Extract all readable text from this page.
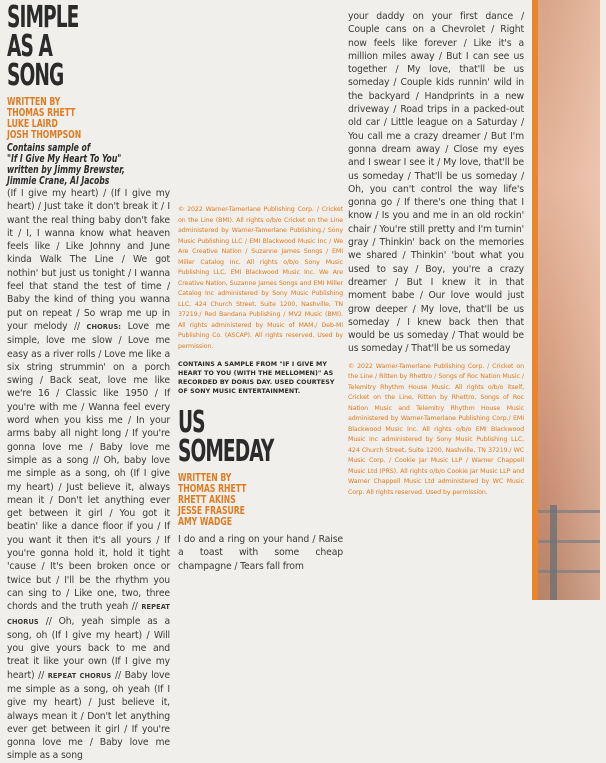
SIMPLE
AS A
SONG
WRITTEN BY
THOMAS RHETT
LUKE LAIRD
JOSH THOMPSON
Contains sample of
"If I Give My Heart To You"
written by Jimmy Brewster,
Jimmie Crane, Al Jacobs
(If I give my heart) / (If I give my heart) / Just take it don't break it / I want the real thing baby don't fake it / I, I wanna know what heaven feels like / Like Johnny and June kinda Walk The Line / We got nothin' but just us tonight / I wanna feel that stand the test of time / Baby the kind of thing you wanna put on repeat / So wrap me up in your melody // CHORUS: Love me simple, love me slow / Love me easy as a river rolls / Love me like a six string strummin' on a porch swing / Back seat, love me like we're 16 / Classic like 1950 / If you're with me / Wanna feel every word when you kiss me / In your arms baby all night long / If you're gonna love me / Baby love me simple as a song // Oh, baby love me simple as a song, oh (If I give my heart) / Just believe it, always mean it / Don't let anything ever get between it girl / You got it beatin' like a dance floor if you / If you want it then it's all yours / If you're gonna hold it, hold it tight 'cause / It's been broken once or twice but / I'll be the rhythm you can sing to / Like one, two, three chords and the truth yeah // REPEAT CHORUS // Oh, yeah simple as a song, oh (If I give my heart) / Will you give yours back to me and treat it like your own (If I give my heart) // REPEAT CHORUS // Baby love me simple as a song, oh yeah (If I give my heart) / Just believe it, always mean it / Don't let anything ever get between it girl / If you're gonna love me / Baby love me simple as a song
© 2022 Warner-Tamerlane Publishing Corp. / Cricket on the Line (BMI). All rights o/b/o Cricket on the Line administered by Warner-Tamerlane Publishing./ Sony Music Publishing LLC / EMI Blackwood Music Inc / We Are Creative Nation / Suzanne James Songs / EMI Miller Catalog Inc. All rights o/b/o Sony Music Publishing LLC, EMI Blackwood Music Inc. We Are Creative Nation, Suzanne James Songs and EMI Miller Catalog Inc administered by Sony Music Publishing LLC, 424 Church Street, Suite 1200, Nashville, TN 37219./ Red Bandana Publishing / MV2 Music (BMI). All rights administered by Music of MAM./ Deb-Mi Publishing Co. (ASCAP). All rights reserved. Used by permission.
CONTAINS A SAMPLE FROM "IF I GIVE MY HEART TO YOU (WITH THE MELLOMEN)" AS RECORDED BY DORIS DAY. USED COURTESY OF SONY MUSIC ENTERTAINMENT.
US
SOMEDAY
WRITTEN BY
THOMAS RHETT
RHETT AKINS
JESSE FRASURE
AMY WADGE
I do and a ring on your hand / Raise a toast with some cheap champagne / Tears fall from
your daddy on your first dance / Couple cans on a Chevrolet / Right now feels like forever / Like it's a million miles away / But I can see us together / My love, that'll be us someday / Couple kids runnin' wild in the backyard / Handprints in a new driveway / Road trips in a packed-out old car / Little league on a Saturday / You call me a crazy dreamer / But I'm gonna dream away / Close my eyes and I swear I see it / My love, that'll be us someday / That'll be us someday / Oh, you can't control the way life's gonna go / If there's one thing that I know / Is you and me in an old rockin' chair / You're still pretty and I'm turnin' gray / Thinkin' back on the memories we shared / Thinkin' 'bout what you used to say / Boy, you're a crazy dreamer / But I knew it in that moment babe / Our love would just grow deeper / My love, that'll be us someday / I knew back then that would be us someday / That would be us someday / That'll be us someday
© 2022 Warner-Tamerlane Publishing Corp. / Cricket on the Line / Ritten by Rhettro / Songs of Roc Nation Music / Telemitry Rhythm House Music. All rights o/b/o itself, Cricket on the Line, Ritten by Rhettro, Songs of Roc Nation Music and Telemitry Rhythm House Music administered by Warner-Tamerlane Publishing Corp./ EMI Blackwood Music Inc. All rights o/b/o EMI Blackwood Music Inc administered by Sony Music Publishing LLC, 424 Church Street, Suite 1200, Nashville, TN 37219./ WC Music Corp. / Cookie Jar Music LLP / Warner Chappell Music Ltd (PRS). All rights o/b/o Cookie Jar Music LLP and Warner Chappell Music Ltd administered by WC Music Corp. All rights reserved. Used by permission.
